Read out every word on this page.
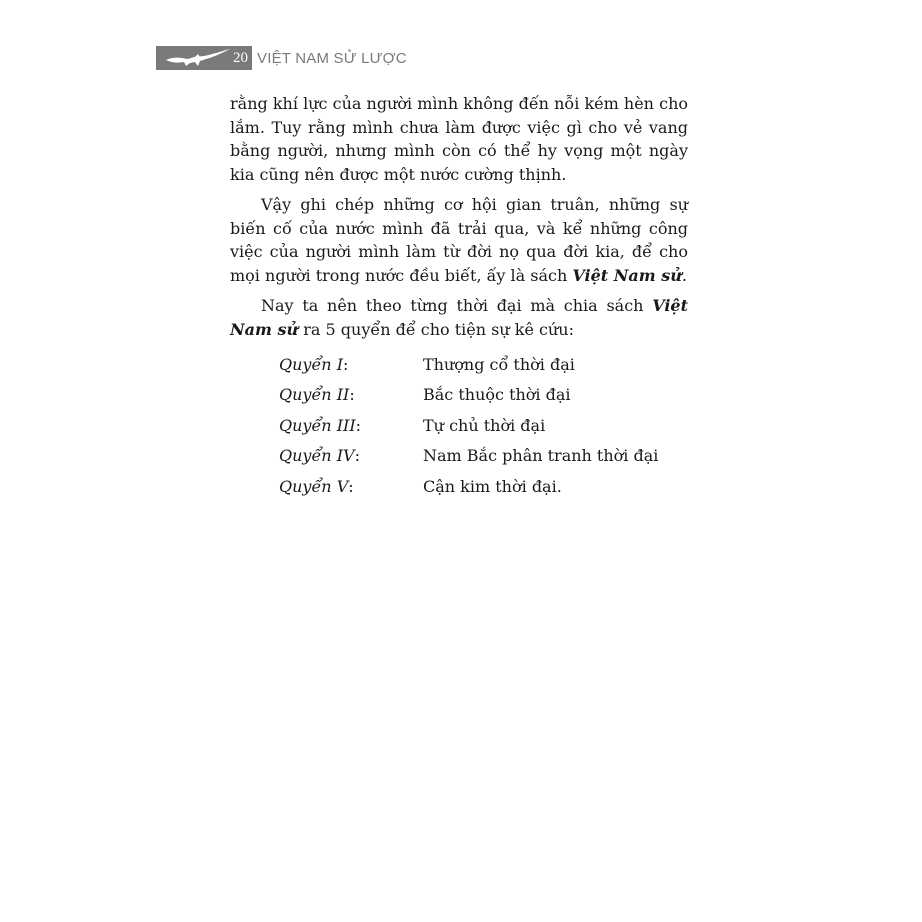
20 VIỆT NAM SỬ LƯỢC

rằng khí lực của người mình không đến nỗi kém hèn cho lắm. Tuy rằng mình chưa làm được việc gì cho vẻ vang bằng người, nhưng mình còn có thể hy vọng một ngày kia cũng nên được một nước cường thịnh.

Vậy ghi chép những cơ hội gian truân, những sự biến cố của nước mình đã trải qua, và kể những công việc của người mình làm từ đời nọ qua đời kia, để cho mọi người trong nước đều biết, ấy là sách Việt Nam sử.

Nay ta nên theo từng thời đại mà chia sách Việt Nam sử ra 5 quyển để cho tiện sự kê cứu:

Quyển I:	Thượng cổ thời đại
Quyển II:	Bắc thuộc thời đại
Quyển III:	Tự chủ thời đại
Quyển IV:	Nam Bắc phân tranh thời đại
Quyển V:	Cận kim thời đại.
